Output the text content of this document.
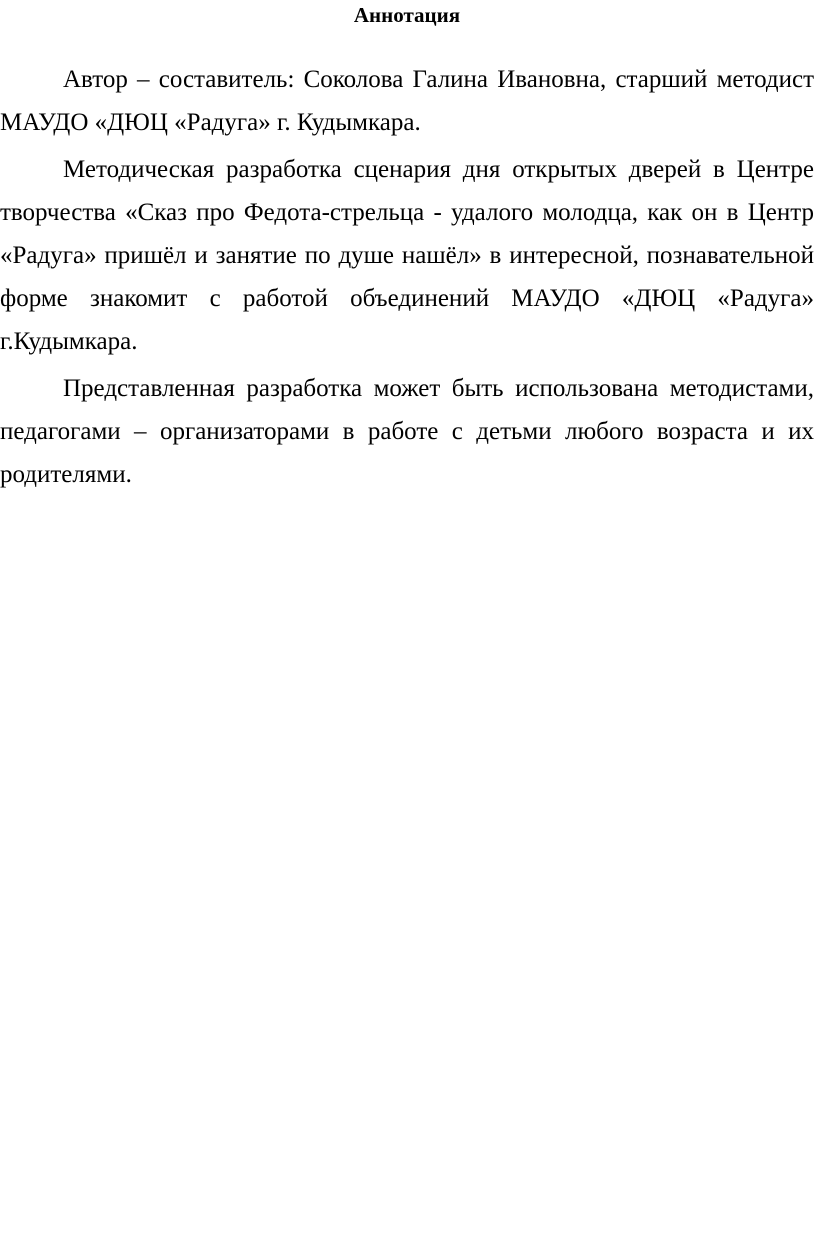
Аннотация

Автор – составитель: Соколова Галина Ивановна, старший методист МАУДО «ДЮЦ «Радуга» г. Кудымкара.

Методическая разработка сценария дня открытых дверей в Центре творчества «Сказ про Федота-стрельца - удалого молодца, как он в Центр «Радуга» пришёл и занятие по душе нашёл» в интересной, познавательной форме знакомит с работой объединений МАУДО «ДЮЦ «Радуга» г.Кудымкара.

Представленная разработка может быть использована методистами, педагогами – организаторами в работе с детьми любого возраста и их родителями.
